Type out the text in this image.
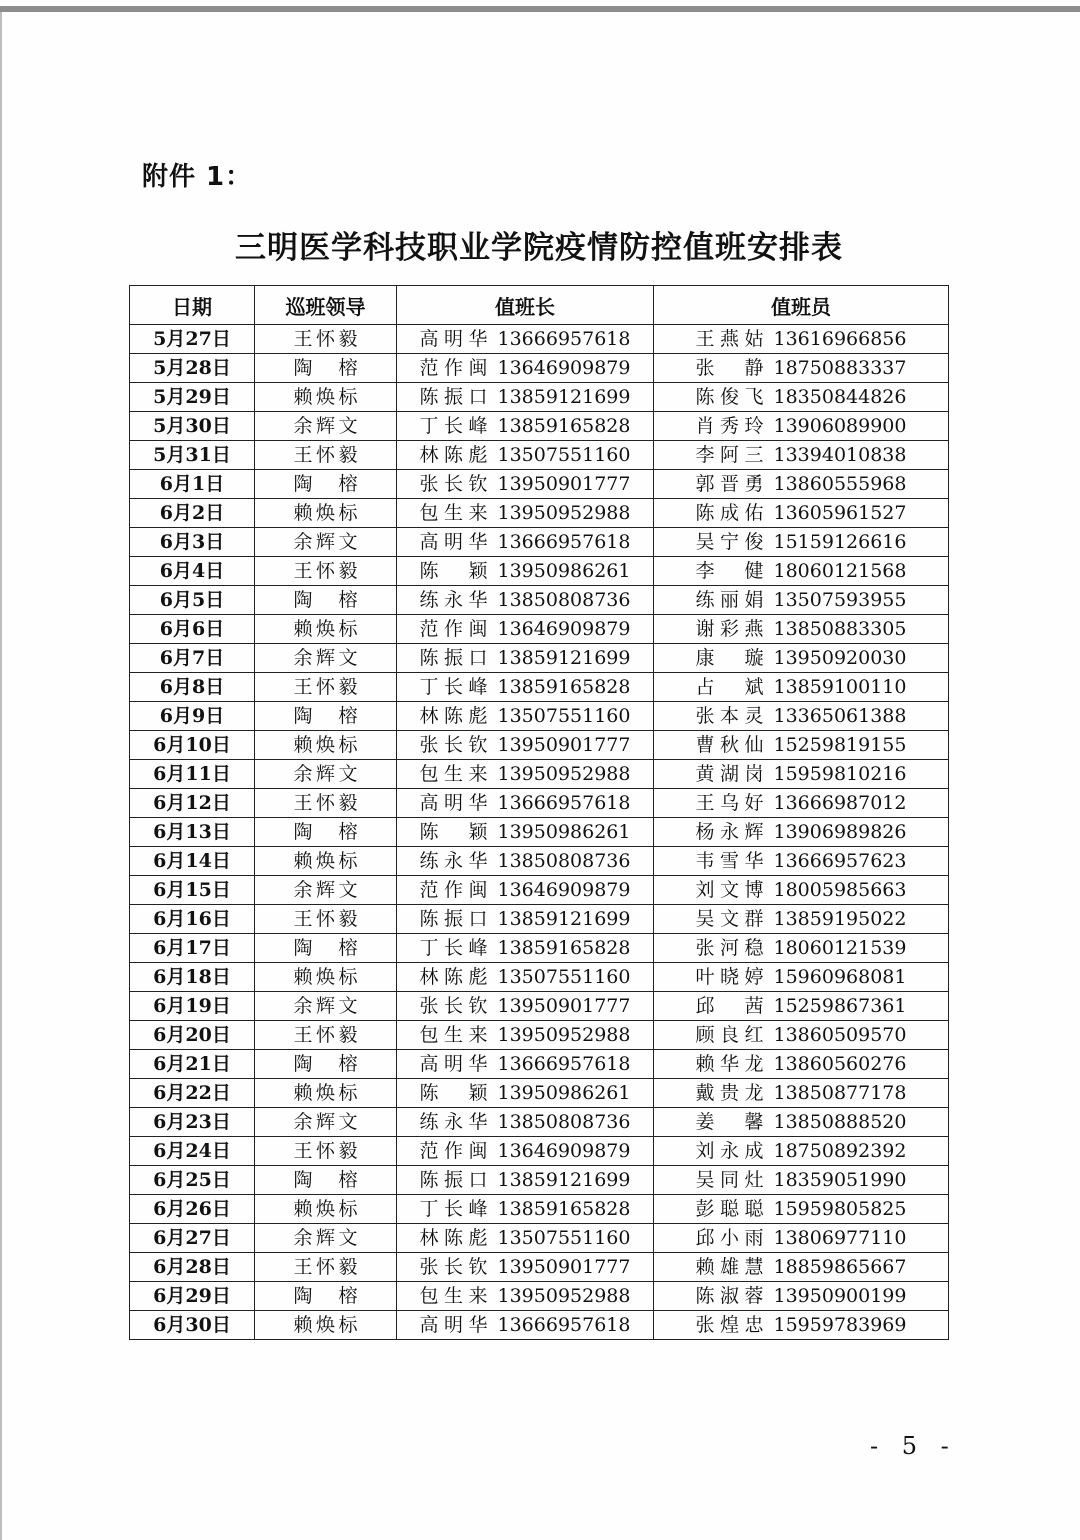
附件 1：
三明医学科技职业学院疫情防控值班安排表
日期	巡班领导	值班长	值班员
5月27日	王怀毅	高明华 13666957618	王燕姑 13616966856
5月28日	陶榕	范作闽 13646909879	张静 18750883337
5月29日	赖焕标	陈振口 13859121699	陈俊飞 18350844826
5月30日	余辉文	丁长峰 13859165828	肖秀玲 13906089900
5月31日	王怀毅	林陈彪 13507551160	李阿三 13394010838
6月1日	陶榕	张长钦 13950901777	郭晋勇 13860555968
6月2日	赖焕标	包生来 13950952988	陈成佑 13605961527
6月3日	余辉文	高明华 13666957618	吴宁俊 15159126616
6月4日	王怀毅	陈颖 13950986261	李健 18060121568
6月5日	陶榕	练永华 13850808736	练丽娟 13507593955
6月6日	赖焕标	范作闽 13646909879	谢彩燕 13850883305
6月7日	余辉文	陈振口 13859121699	康璇 13950920030
6月8日	王怀毅	丁长峰 13859165828	占斌 13859100110
6月9日	陶榕	林陈彪 13507551160	张本灵 13365061388
6月10日	赖焕标	张长钦 13950901777	曹秋仙 15259819155
6月11日	余辉文	包生来 13950952988	黄湖岗 15959810216
6月12日	王怀毅	高明华 13666957618	王乌好 13666987012
6月13日	陶榕	陈颖 13950986261	杨永辉 13906989826
6月14日	赖焕标	练永华 13850808736	韦雪华 13666957623
6月15日	余辉文	范作闽 13646909879	刘文博 18005985663
6月16日	王怀毅	陈振口 13859121699	吴文群 13859195022
6月17日	陶榕	丁长峰 13859165828	张河稳 18060121539
6月18日	赖焕标	林陈彪 13507551160	叶晓婷 15960968081
6月19日	余辉文	张长钦 13950901777	邱茜 15259867361
6月20日	王怀毅	包生来 13950952988	顾良红 13860509570
6月21日	陶榕	高明华 13666957618	赖华龙 13860560276
6月22日	赖焕标	陈颖 13950986261	戴贵龙 13850877178
6月23日	余辉文	练永华 13850808736	姜馨 13850888520
6月24日	王怀毅	范作闽 13646909879	刘永成 18750892392
6月25日	陶榕	陈振口 13859121699	吴同灶 18359051990
6月26日	赖焕标	丁长峰 13859165828	彭聪聪 15959805825
6月27日	余辉文	林陈彪 13507551160	邱小雨 13806977110
6月28日	王怀毅	张长钦 13950901777	赖雄慧 18859865667
6月29日	陶榕	包生来 13950952988	陈淑蓉 13950900199
6月30日	赖焕标	高明华 13666957618	张煌忠 15959783969
- 5 -
